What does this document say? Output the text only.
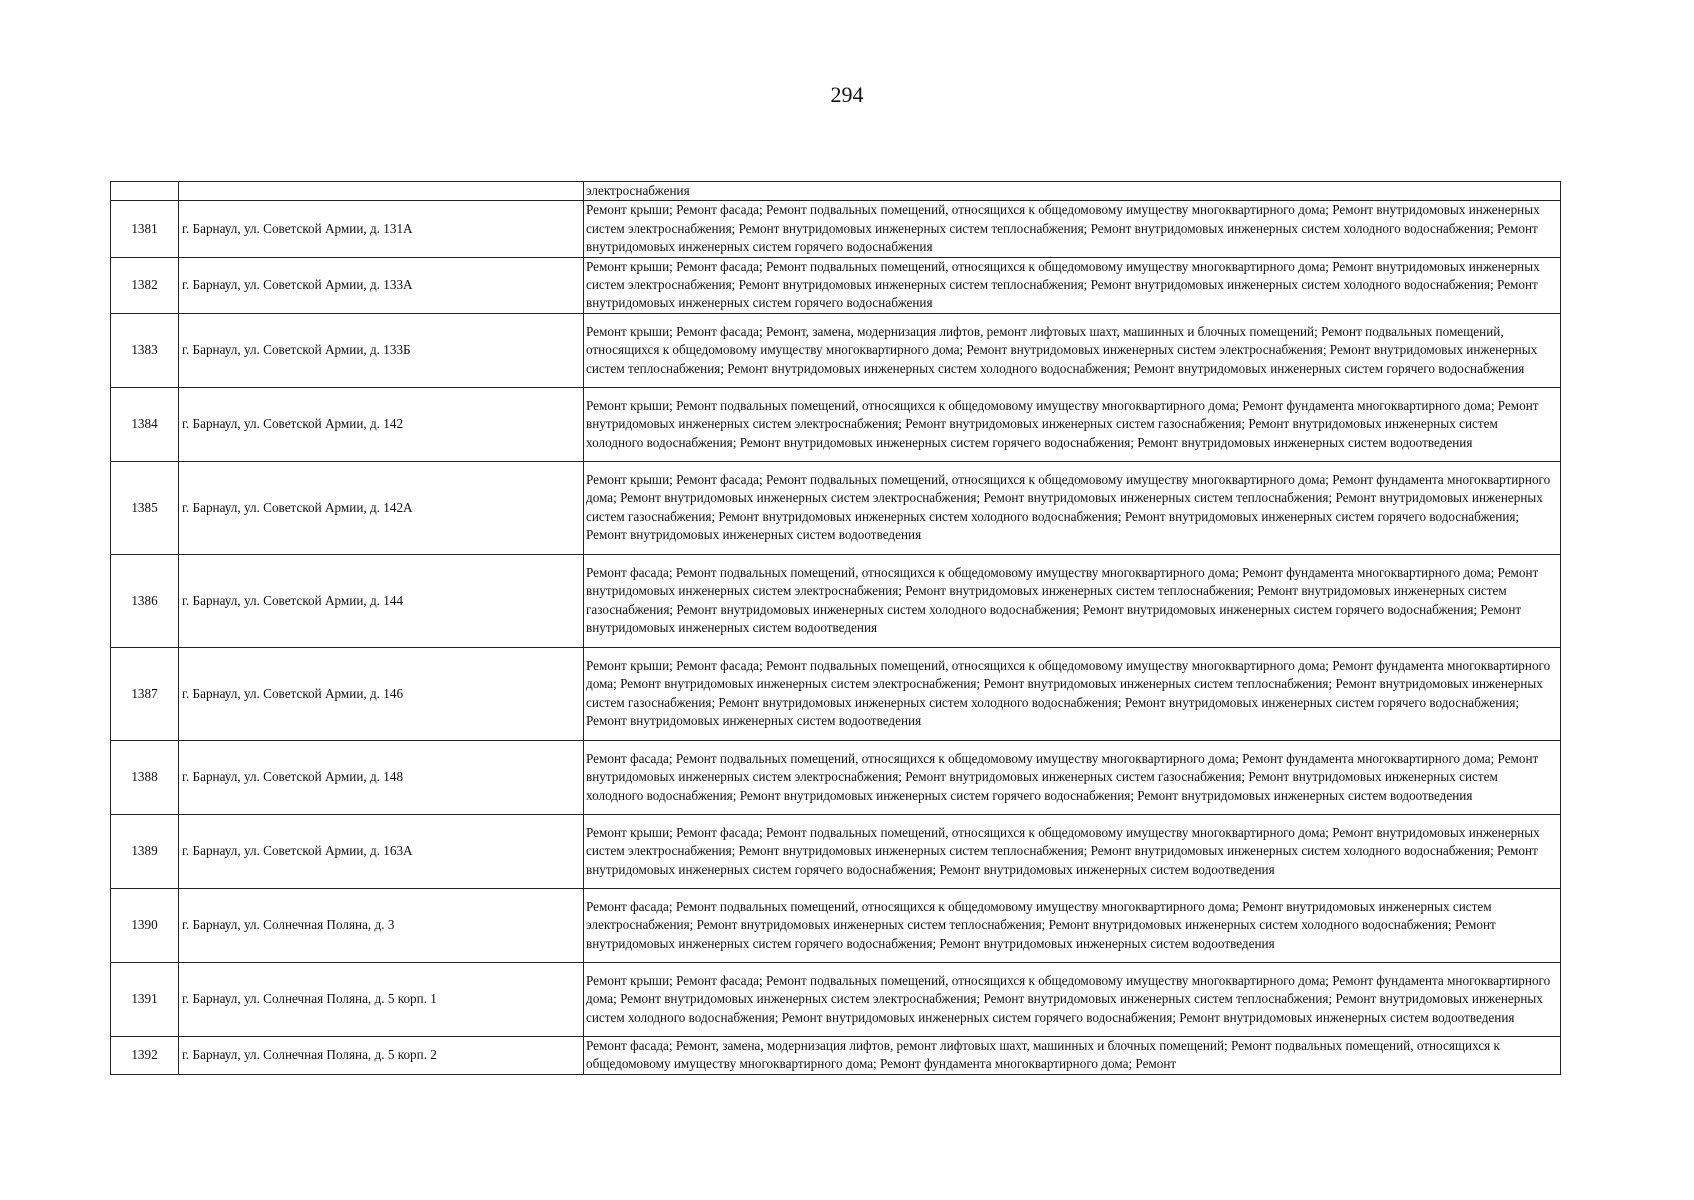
294
		электроснабжения
1381	г. Барнаул, ул. Советской Армии, д. 131А	Ремонт крыши; Ремонт фасада; Ремонт подвальных помещений, относящихся к общедомовому имуществу многоквартирного дома; Ремонт внутридомовых инженерных систем электроснабжения; Ремонт внутридомовых инженерных систем теплоснабжения; Ремонт внутридомовых инженерных систем холодного водоснабжения; Ремонт внутридомовых инженерных систем горячего водоснабжения
1382	г. Барнаул, ул. Советской Армии, д. 133А	Ремонт крыши; Ремонт фасада; Ремонт подвальных помещений, относящихся к общедомовому имуществу многоквартирного дома; Ремонт внутридомовых инженерных систем электроснабжения; Ремонт внутридомовых инженерных систем теплоснабжения; Ремонт внутридомовых инженерных систем холодного водоснабжения; Ремонт внутридомовых инженерных систем горячего водоснабжения
1383	г. Барнаул, ул. Советской Армии, д. 133Б	Ремонт крыши; Ремонт фасада; Ремонт, замена, модернизация лифтов, ремонт лифтовых шахт, машинных и блочных помещений; Ремонт подвальных помещений, относящихся к общедомовому имуществу многоквартирного дома; Ремонт внутридомовых инженерных систем электроснабжения; Ремонт внутридомовых инженерных систем теплоснабжения; Ремонт внутридомовых инженерных систем холодного водоснабжения; Ремонт внутридомовых инженерных систем горячего водоснабжения
1384	г. Барнаул, ул. Советской Армии, д. 142	Ремонт крыши; Ремонт подвальных помещений, относящихся к общедомовому имуществу многоквартирного дома; Ремонт фундамента многоквартирного дома; Ремонт внутридомовых инженерных систем электроснабжения; Ремонт внутридомовых инженерных систем газоснабжения; Ремонт внутридомовых инженерных систем холодного водоснабжения; Ремонт внутридомовых инженерных систем горячего водоснабжения; Ремонт внутридомовых инженерных систем водоотведения
1385	г. Барнаул, ул. Советской Армии, д. 142А	Ремонт крыши; Ремонт фасада; Ремонт подвальных помещений, относящихся к общедомовому имуществу многоквартирного дома; Ремонт фундамента многоквартирного дома; Ремонт внутридомовых инженерных систем электроснабжения; Ремонт внутридомовых инженерных систем теплоснабжения; Ремонт внутридомовых инженерных систем газоснабжения; Ремонт внутридомовых инженерных систем холодного водоснабжения; Ремонт внутридомовых инженерных систем горячего водоснабжения; Ремонт внутридомовых инженерных систем водоотведения
1386	г. Барнаул, ул. Советской Армии, д. 144	Ремонт фасада; Ремонт подвальных помещений, относящихся к общедомовому имуществу многоквартирного дома; Ремонт фундамента многоквартирного дома; Ремонт внутридомовых инженерных систем электроснабжения; Ремонт внутридомовых инженерных систем теплоснабжения; Ремонт внутридомовых инженерных систем газоснабжения; Ремонт внутридомовых инженерных систем холодного водоснабжения; Ремонт внутридомовых инженерных систем горячего водоснабжения; Ремонт внутридомовых инженерных систем водоотведения
1387	г. Барнаул, ул. Советской Армии, д. 146	Ремонт крыши; Ремонт фасада; Ремонт подвальных помещений, относящихся к общедомовому имуществу многоквартирного дома; Ремонт фундамента многоквартирного дома; Ремонт внутридомовых инженерных систем электроснабжения; Ремонт внутридомовых инженерных систем теплоснабжения; Ремонт внутридомовых инженерных систем газоснабжения; Ремонт внутридомовых инженерных систем холодного водоснабжения; Ремонт внутридомовых инженерных систем горячего водоснабжения; Ремонт внутридомовых инженерных систем водоотведения
1388	г. Барнаул, ул. Советской Армии, д. 148	Ремонт фасада; Ремонт подвальных помещений, относящихся к общедомовому имуществу многоквартирного дома; Ремонт фундамента многоквартирного дома; Ремонт внутридомовых инженерных систем электроснабжения; Ремонт внутридомовых инженерных систем газоснабжения; Ремонт внутридомовых инженерных систем холодного водоснабжения; Ремонт внутридомовых инженерных систем горячего водоснабжения; Ремонт внутридомовых инженерных систем водоотведения
1389	г. Барнаул, ул. Советской Армии, д. 163А	Ремонт крыши; Ремонт фасада; Ремонт подвальных помещений, относящихся к общедомовому имуществу многоквартирного дома; Ремонт внутридомовых инженерных систем электроснабжения; Ремонт внутридомовых инженерных систем теплоснабжения; Ремонт внутридомовых инженерных систем холодного водоснабжения; Ремонт внутридомовых инженерных систем горячего водоснабжения; Ремонт внутридомовых инженерных систем водоотведения
1390	г. Барнаул, ул. Солнечная Поляна, д. 3	Ремонт фасада; Ремонт подвальных помещений, относящихся к общедомовому имуществу многоквартирного дома; Ремонт внутридомовых инженерных систем электроснабжения; Ремонт внутридомовых инженерных систем теплоснабжения; Ремонт внутридомовых инженерных систем холодного водоснабжения; Ремонт внутридомовых инженерных систем горячего водоснабжения; Ремонт внутридомовых инженерных систем водоотведения
1391	г. Барнаул, ул. Солнечная Поляна, д. 5 корп. 1	Ремонт крыши; Ремонт фасада; Ремонт подвальных помещений, относящихся к общедомовому имуществу многоквартирного дома; Ремонт фундамента многоквартирного дома; Ремонт внутридомовых инженерных систем электроснабжения; Ремонт внутридомовых инженерных систем теплоснабжения; Ремонт внутридомовых инженерных систем холодного водоснабжения; Ремонт внутридомовых инженерных систем горячего водоснабжения; Ремонт внутридомовых инженерных систем водоотведения
1392	г. Барнаул, ул. Солнечная Поляна, д. 5 корп. 2	Ремонт фасада; Ремонт, замена, модернизация лифтов, ремонт лифтовых шахт, машинных и блочных помещений; Ремонт подвальных помещений, относящихся к общедомовому имуществу многоквартирного дома; Ремонт фундамента многоквартирного дома; Ремонт
